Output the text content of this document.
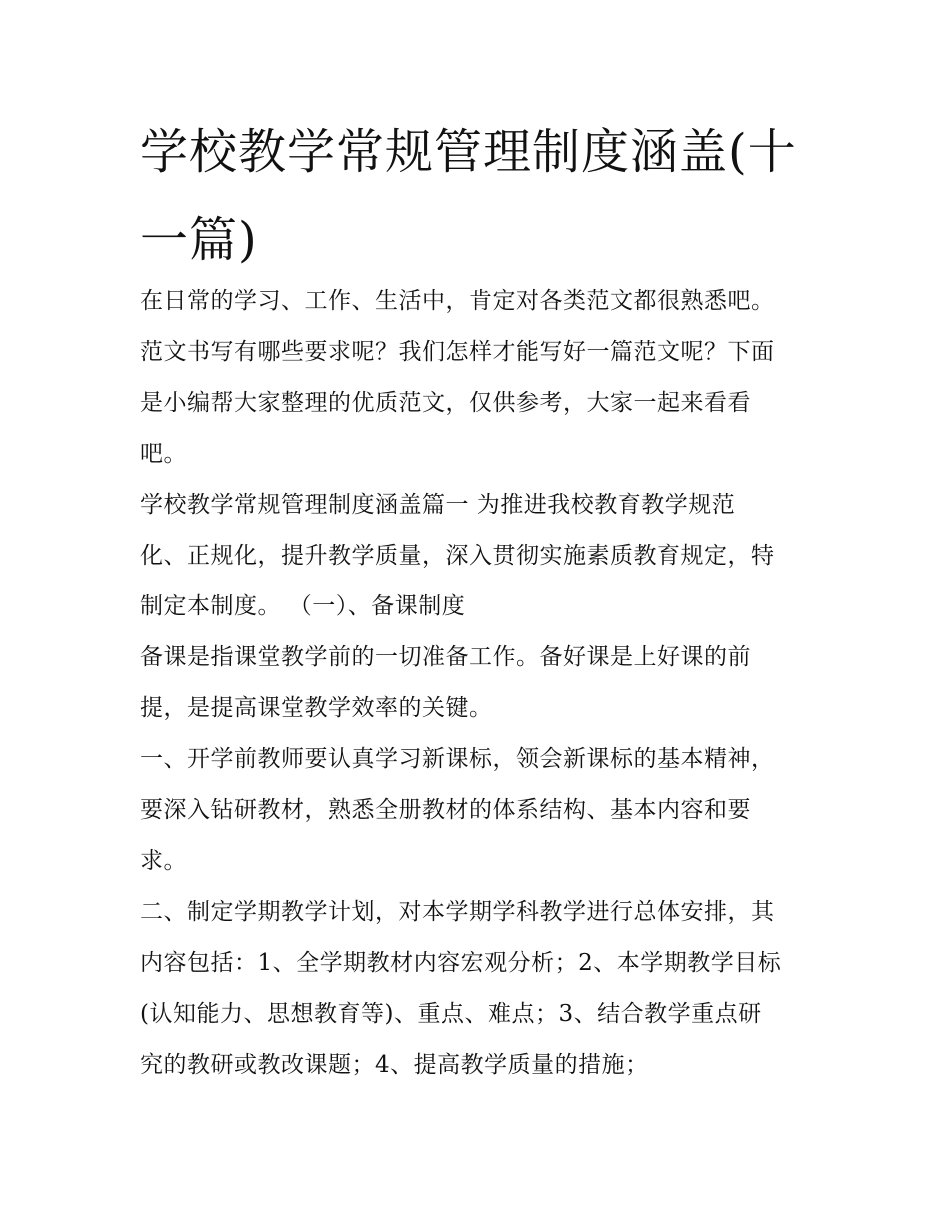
学校教学常规管理制度涵盖(十
一篇)
在日常的学习、工作、生活中，肯定对各类范文都很熟悉吧。
范文书写有哪些要求呢？我们怎样才能写好一篇范文呢？下面
是小编帮大家整理的优质范文，仅供参考，大家一起来看看
吧。
学校教学常规管理制度涵盖篇一 为推进我校教育教学规范
化、正规化，提升教学质量，深入贯彻实施素质教育规定，特
制定本制度。 （一）、备课制度
备课是指课堂教学前的一切准备工作。备好课是上好课的前
提，是提高课堂教学效率的关键。
一、开学前教师要认真学习新课标，领会新课标的基本精神，
要深入钻研教材，熟悉全册教材的体系结构、基本内容和要
求。
二、制定学期教学计划，对本学期学科教学进行总体安排，其
内容包括：1、全学期教材内容宏观分析；2、本学期教学目标
(认知能力、思想教育等)、重点、难点；3、结合教学重点研
究的教研或教改课题；4、提高教学质量的措施；
